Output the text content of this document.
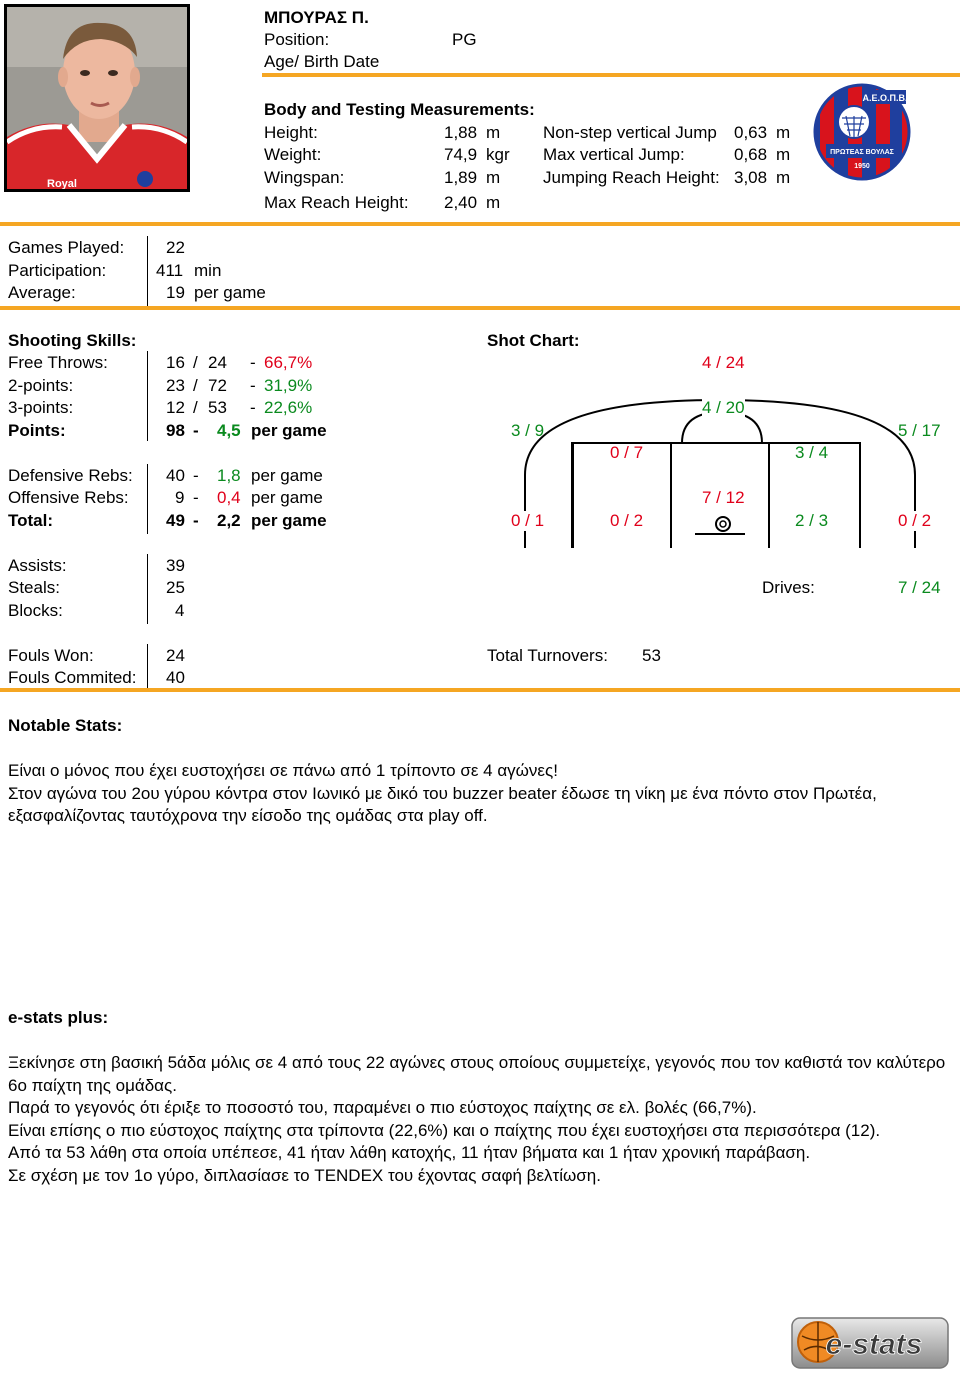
Royal
ΜΠΟΥΡΑΣ Π.
Position:	PG
Age/ Birth Date
Body and Testing Measurements:
Height:	1,88 m
Weight:	74,9 kgr
Wingspan:	1,89 m
Max Reach Height: 2,40 m
Non-step vertical Jump 0,63 m
Max vertical Jump:	0,68 m
Jumping Reach Height: 3,08 m
Α.Ε.Ο.Π.Β.
ΠΡΩΤΕΑΣ ΒΟΥΛΑΣ
1950
Games Played: 22
Participation:	411 min
Average:	19 per game
Shooting Skills:
Free Throws:	16 / 24 - 66,7%
2-points:	23 / 72 - 31,9%
3-points:	12 / 53 - 22,6%
Points:	98 - 4,5 per game
Defensive Rebs: 40 - 1,8 per game
Offensive Rebs:	9 - 0,4 per game
Total:	49 - 2,2 per game
Shot Chart:
4 / 24
4 / 20
3 / 9	5 / 17
0 / 7	3 / 4
7 / 12
0 / 1	0 / 2	2 / 3	0 / 2
Drives:	7 / 24
Assists:	39
Steals:	25
Blocks:	4
Fouls Won:	24
Fouls Commited: 40
Total Turnovers: 53
Notable Stats:
Είναι ο μόνος που έχει ευστοχήσει σε πάνω από 1 τρίποντο σε 4 αγώνες!
Στον αγώνα του 2ου γύρου κόντρα στον Ιωνικό με δικό του buzzer beater έδωσε τη νίκη με ένα πόντο στον Πρωτέα, εξασφαλίζοντας ταυτόχρονα την είσοδο της ομάδας στα play off.
e-stats plus:
Ξεκίνησε στη βασική 5άδα μόλις σε 4 από τους 22 αγώνες στους οποίους συμμετείχε, γεγονός που τον καθιστά τον καλύτερο 6ο παίχτη της ομάδας.
Παρά το γεγονός ότι έριξε το ποσοστό του, παραμένει ο πιο εύστοχος παίχτης σε ελ. βολές (66,7%).
Είναι επίσης ο πιο εύστοχος παίχτης στα τρίποντα (22,6%) και ο παίχτης που έχει ευστοχήσει στα περισσότερα (12).
Από τα 53 λάθη στα οποία υπέπεσε, 41 ήταν λάθη κατοχής, 11 ήταν βήματα και 1 ήταν χρονική παράβαση.
Σε σχέση με τον 1ο γύρο, διπλασίασε το TENDEX του έχοντας σαφή βελτίωση.
e-stats
